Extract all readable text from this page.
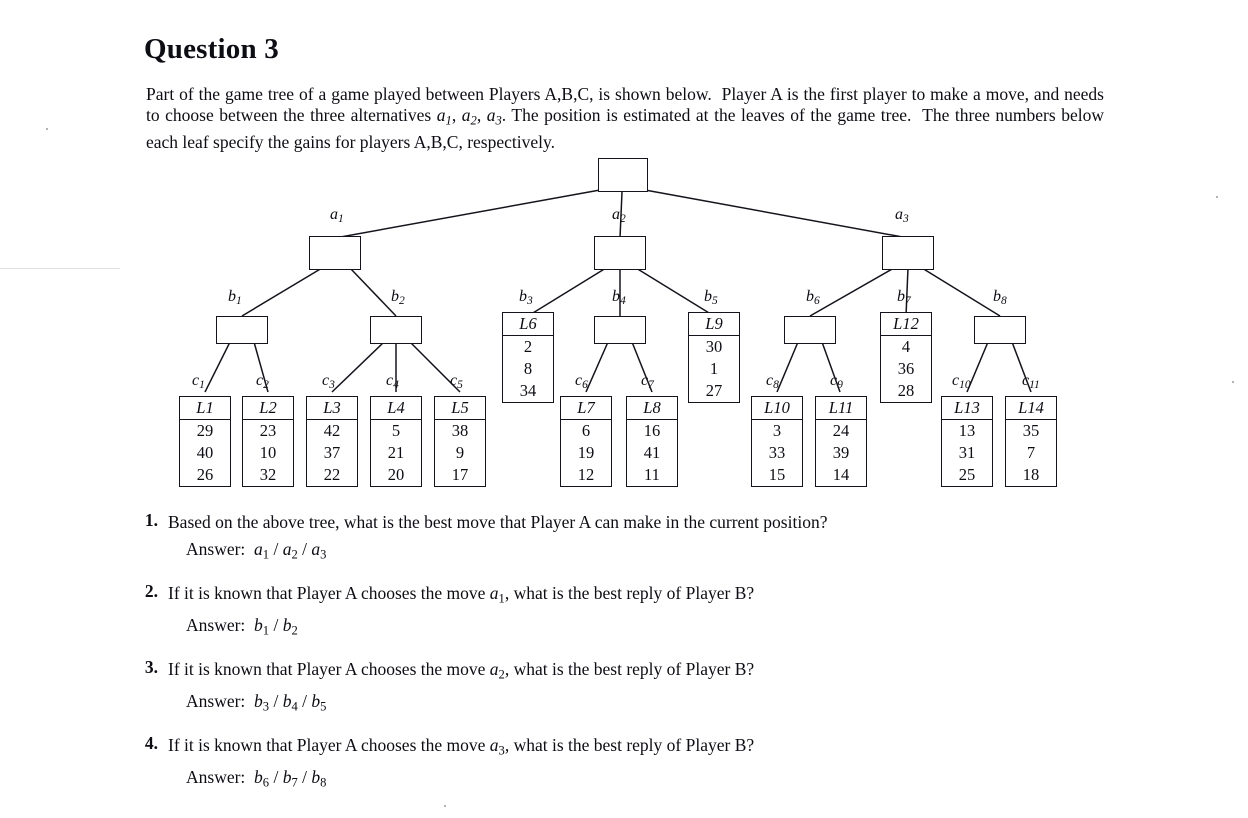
Question 3

Part of the game tree of a game played between Players A,B,C, is shown below.  Player A is the first player to make a move, and needs to choose between the three alternatives $a_1$, $a_2$, $a_3$. The position is estimated at the leaves of the game tree.  The three numbers below each leaf specify the gains for players A,B,C, respectively.

$a_1$	$a_2$	$a_3$
$b_1$	$b_2$	$b_3$	$b_4$	$b_5$	$b_6$	$b_7$	$b_8$
$c_1$	$c_2$	$c_3$	$c_4$	$c_5$	$c_6$	$c_7$	$c_8$	$c_9$	$c_{10}$	$c_{11}$
L6
2
8
34
L9
30
1
27
L12
4
36
28
L1
29
40
26
L2
23
10
32
L3
42
37
22
L4
5
21
20
L5
38
9
17
L7
6
19
12
L8
16
41
11
L10
3
33
15
L11
24
39
14
L13
13
31
25
L14
35
7
18
1. Based on the above tree, what is the best move that Player A can make in the current position?
Answer: $a_1 / a_2 / a_3$
2. If it is known that Player A chooses the move $a_1$, what is the best reply of Player B?
Answer: $b_1 / b_2$
3. If it is known that Player A chooses the move $a_2$, what is the best reply of Player B?
Answer: $b_3 / b_4 / b_5$
4. If it is known that Player A chooses the move $a_3$, what is the best reply of Player B?
Answer: $b_6 / b_7 / b_8$
